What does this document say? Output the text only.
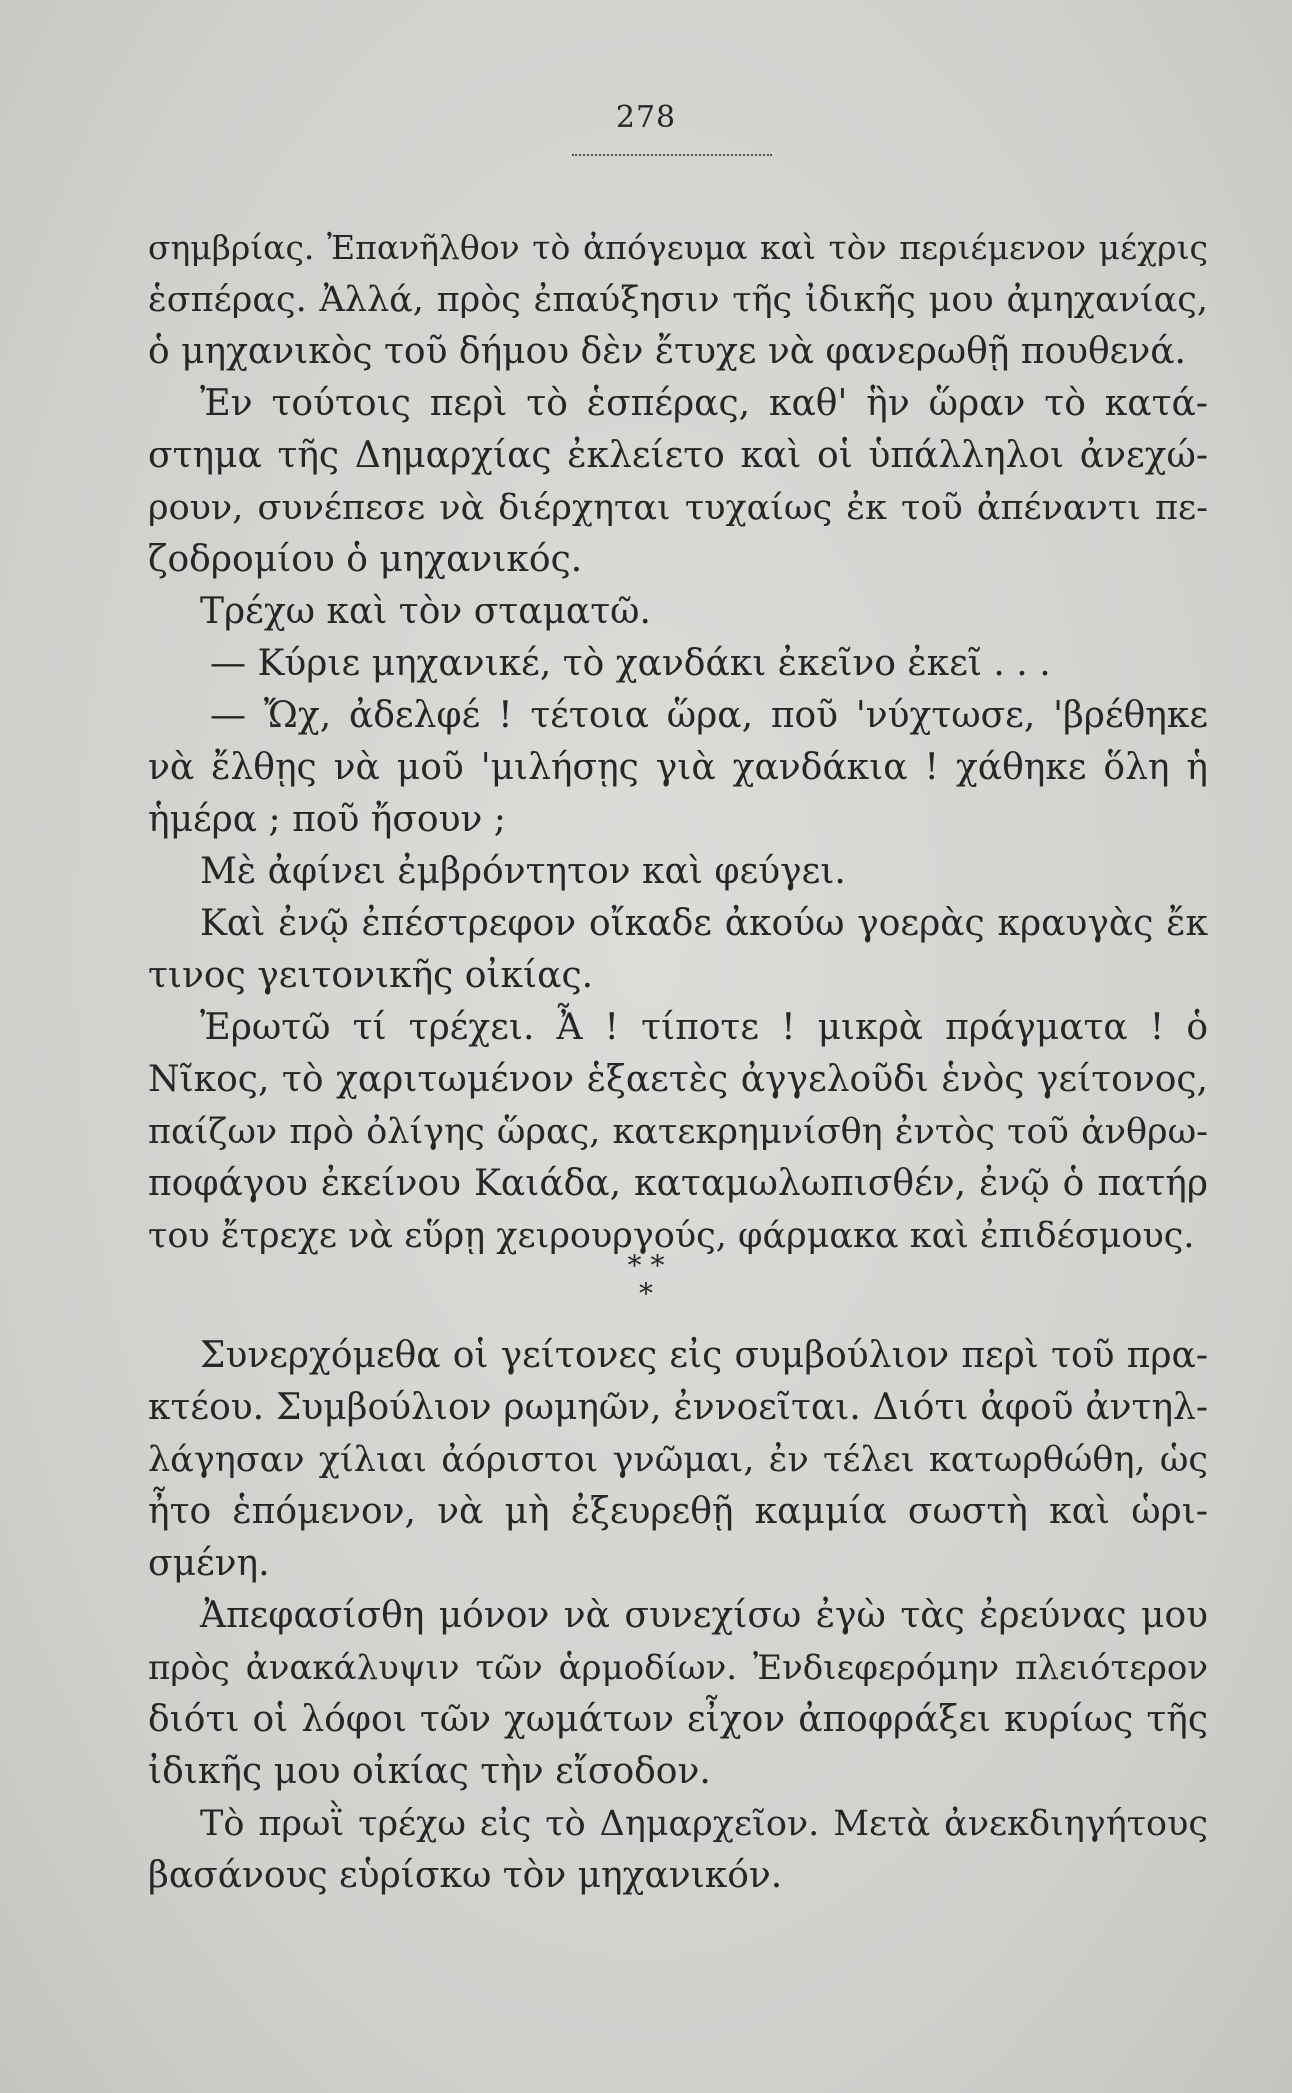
278
σημβρίας. Ἐπανῆλθον τὸ ἀπόγευμα καὶ τὸν περιέμενον μέχρις
ἑσπέρας. Ἀλλά, πρὸς ἐπαύξησιν τῆς ἰδικῆς μου ἀμηχανίας,
ὁ μηχανικὸς τοῦ δήμου δὲν ἔτυχε νὰ φανερωθῇ πουθενά.
Ἐν τούτοις περὶ τὸ ἑσπέρας, καθ' ἣν ὥραν τὸ κατά-
στημα τῆς Δημαρχίας ἐκλείετο καὶ οἱ ὑπάλληλοι ἀνεχώ-
ρουν, συνέπεσε νὰ διέρχηται τυχαίως ἐκ τοῦ ἀπέναντι πε-
ζοδρομίου ὁ μηχανικός.
Τρέχω καὶ τὸν σταματῶ.
— Κύριε μηχανικέ, τὸ χανδάκι ἐκεῖνο ἐκεῖ . . .
— Ὤχ, ἀδελφέ ! τέτοια ὥρα, ποῦ 'νύχτωσε, 'βρέθηκε
νὰ ἔλθῃς νὰ μοῦ 'μιλήσῃς γιὰ χανδάκια ! χάθηκε ὅλη ἡ
ἡμέρα ; ποῦ ἤσουν ;
Μὲ ἀφίνει ἐμβρόντητον καὶ φεύγει.
Καὶ ἐνῷ ἐπέστρεφον οἴκαδε ἀκούω γοερὰς κραυγὰς ἔκ
τινος γειτονικῆς οἰκίας.
Ἐρωτῶ τί τρέχει. Ἆ ! τίποτε ! μικρὰ πράγματα ! ὁ
Νῖκος, τὸ χαριτωμένον ἑξαετὲς ἀγγελοῦδι ἑνὸς γείτονος,
παίζων πρὸ ὀλίγης ὥρας, κατεκρημνίσθη ἐντὸς τοῦ ἀνθρω-
ποφάγου ἐκείνου Καιάδα, καταμωλωπισθέν, ἐνῷ ὁ πατήρ
του ἔτρεχε νὰ εὕρῃ χειρουργούς, φάρμακα καὶ ἐπιδέσμους.
* *
*
Συνερχόμεθα οἱ γείτονες εἰς συμβούλιον περὶ τοῦ πρα-
κτέου. Συμβούλιον ρωμηῶν, ἐννοεῖται. Διότι ἀφοῦ ἀντηλ-
λάγησαν χίλιαι ἀόριστοι γνῶμαι, ἐν τέλει κατωρθώθη, ὡς
ἦτο ἑπόμενον, νὰ μὴ ἐξευρεθῇ καμμία σωστὴ καὶ ὡρι-
σμένη.
Ἀπεφασίσθη μόνον νὰ συνεχίσω ἐγὼ τὰς ἐρεύνας μου
πρὸς ἀνακάλυψιν τῶν ἁρμοδίων. Ἐνδιεφερόμην πλειότερον
διότι οἱ λόφοι τῶν χωμάτων εἶχον ἀποφράξει κυρίως τῆς
ἰδικῆς μου οἰκίας τὴν εἴσοδον.
Τὸ πρωῒ τρέχω εἰς τὸ Δημαρχεῖον. Μετὰ ἀνεκδιηγήτους
βασάνους εὑρίσκω τὸν μηχανικόν.
